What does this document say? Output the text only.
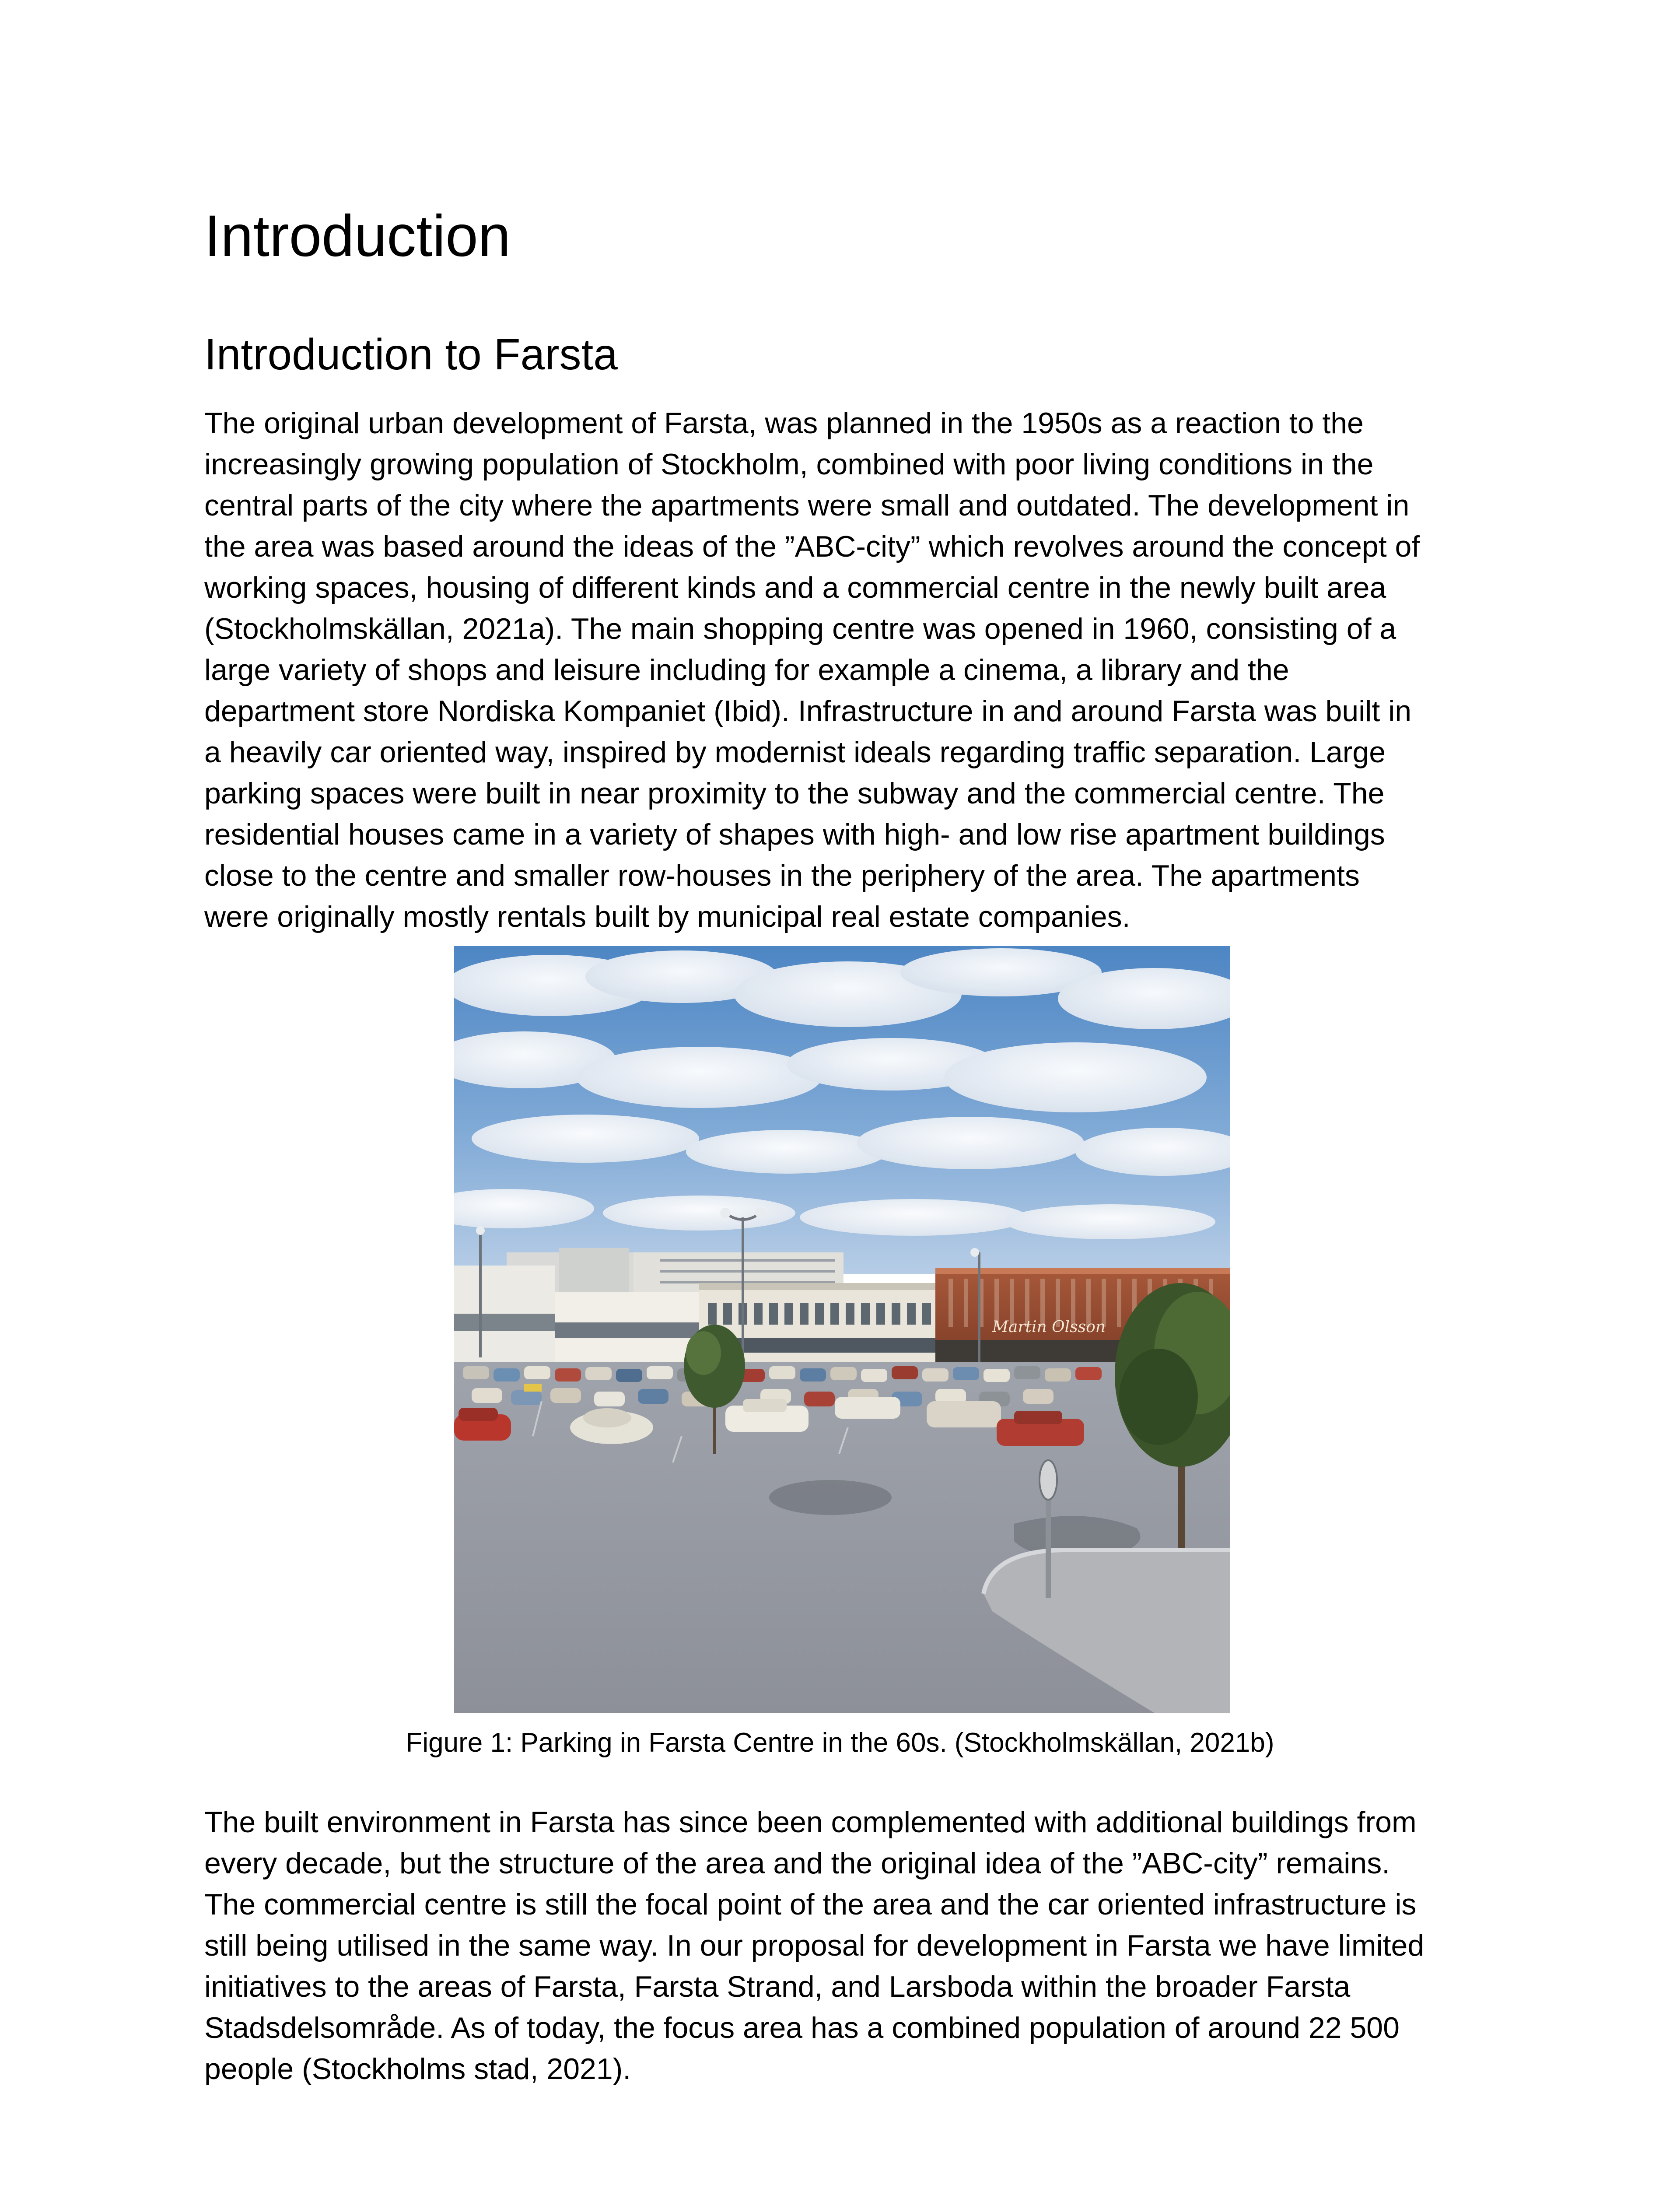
Introduction
Introduction to Farsta

The original urban development of Farsta, was planned in the 1950s as a reaction to the
increasingly growing population of Stockholm, combined with poor living conditions in the
central parts of the city where the apartments were small and outdated. The development in
the area was based around the ideas of the ”ABC-city” which revolves around the concept of
working spaces, housing of different kinds and a commercial centre in the newly built area
(Stockholmskällan, 2021a). The main shopping centre was opened in 1960, consisting of a
large variety of shops and leisure including for example a cinema, a library and the
department store Nordiska Kompaniet (Ibid). Infrastructure in and around Farsta was built in
a heavily car oriented way, inspired by modernist ideals regarding traffic separation. Large
parking spaces were built in near proximity to the subway and the commercial centre. The
residential houses came in a variety of shapes with high- and low rise apartment buildings
close to the centre and smaller row-houses in the periphery of the area. The apartments
were originally mostly rentals built by municipal real estate companies.

Martin Olsson

Figure 1: Parking in Farsta Centre in the 60s. (Stockholmskällan, 2021b)

The built environment in Farsta has since been complemented with additional buildings from
every decade, but the structure of the area and the original idea of the ”ABC-city” remains.
The commercial centre is still the focal point of the area and the car oriented infrastructure is
still being utilised in the same way. In our proposal for development in Farsta we have limited
initiatives to the areas of Farsta, Farsta Strand, and Larsboda within the broader Farsta
Stadsdelsområde. As of today, the focus area has a combined population of around 22 500
people (Stockholms stad, 2021).
